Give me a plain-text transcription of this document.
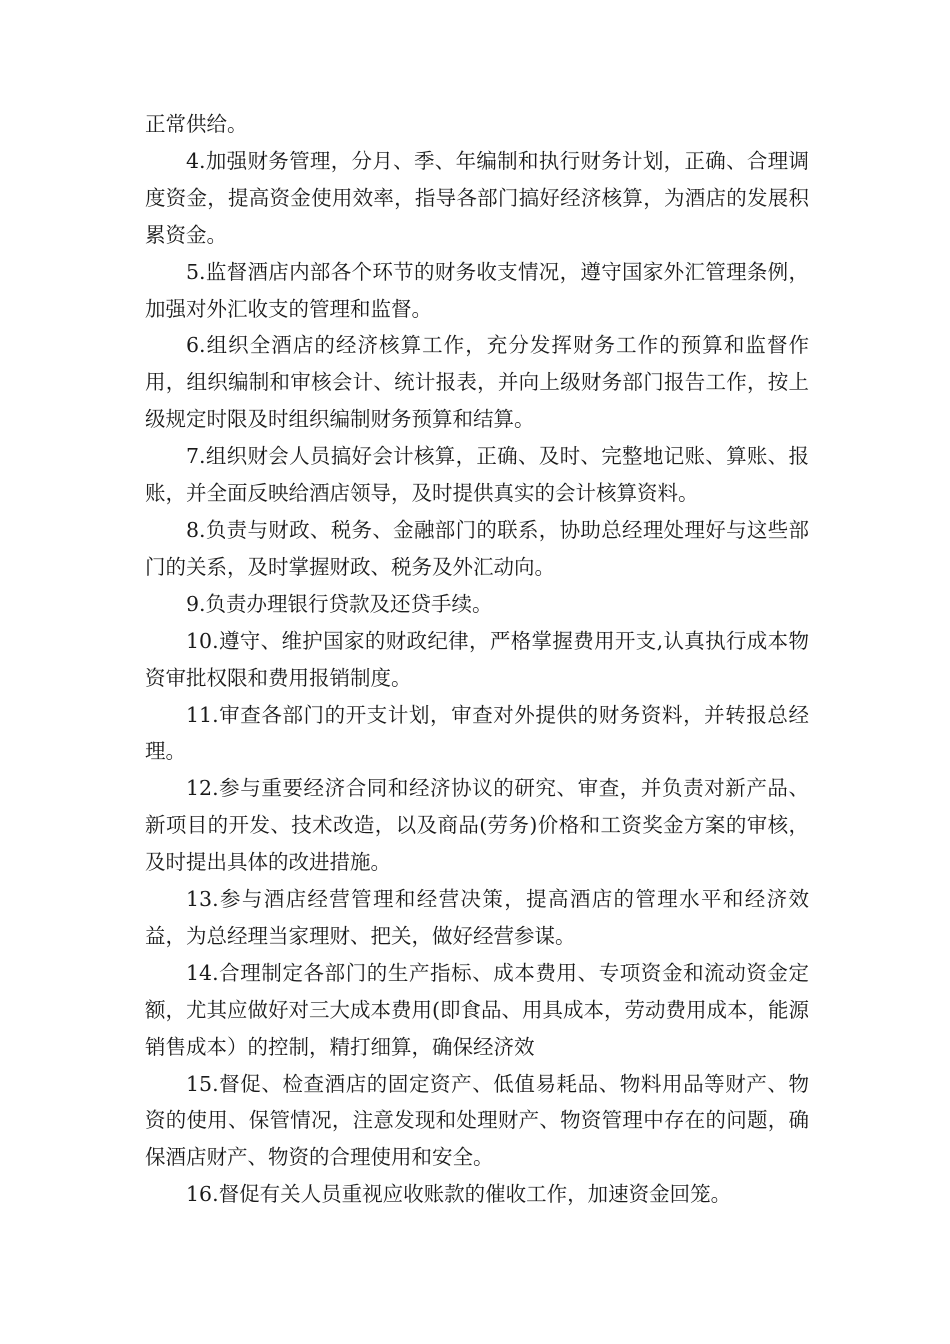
正常供给。

4.加强财务管理，分月、季、年编制和执行财务计划，正确、合理调度资金，提高资金使用效率，指导各部门搞好经济核算，为酒店的发展积累资金。

5.监督酒店内部各个环节的财务收支情况，遵守国家外汇管理条例，加强对外汇收支的管理和监督。

6.组织全酒店的经济核算工作，充分发挥财务工作的预算和监督作用，组织编制和审核会计、统计报表，并向上级财务部门报告工作，按上级规定时限及时组织编制财务预算和结算。

7.组织财会人员搞好会计核算，正确、及时、完整地记账、算账、报账，并全面反映给酒店领导，及时提供真实的会计核算资料。

8.负责与财政、税务、金融部门的联系，协助总经理处理好与这些部门的关系，及时掌握财政、税务及外汇动向。

9.负责办理银行贷款及还贷手续。

10.遵守、维护国家的财政纪律，严格掌握费用开支,认真执行成本物资审批权限和费用报销制度。

11.审查各部门的开支计划，审查对外提供的财务资料，并转报总经理。

12.参与重要经济合同和经济协议的研究、审查，并负责对新产品、新项目的开发、技术改造，以及商品(劳务)价格和工资奖金方案的审核，及时提出具体的改进措施。

13.参与酒店经营管理和经营决策，提高酒店的管理水平和经济效益，为总经理当家理财、把关，做好经营参谋。

14.合理制定各部门的生产指标、成本费用、专项资金和流动资金定额，尤其应做好对三大成本费用(即食品、用具成本，劳动费用成本，能源销售成本）的控制，精打细算，确保经济效

15.督促、检查酒店的固定资产、低值易耗品、物料用品等财产、物资的使用、保管情况，注意发现和处理财产、物资管理中存在的问题，确保酒店财产、物资的合理使用和安全。

16.督促有关人员重视应收账款的催收工作，加速资金回笼。
